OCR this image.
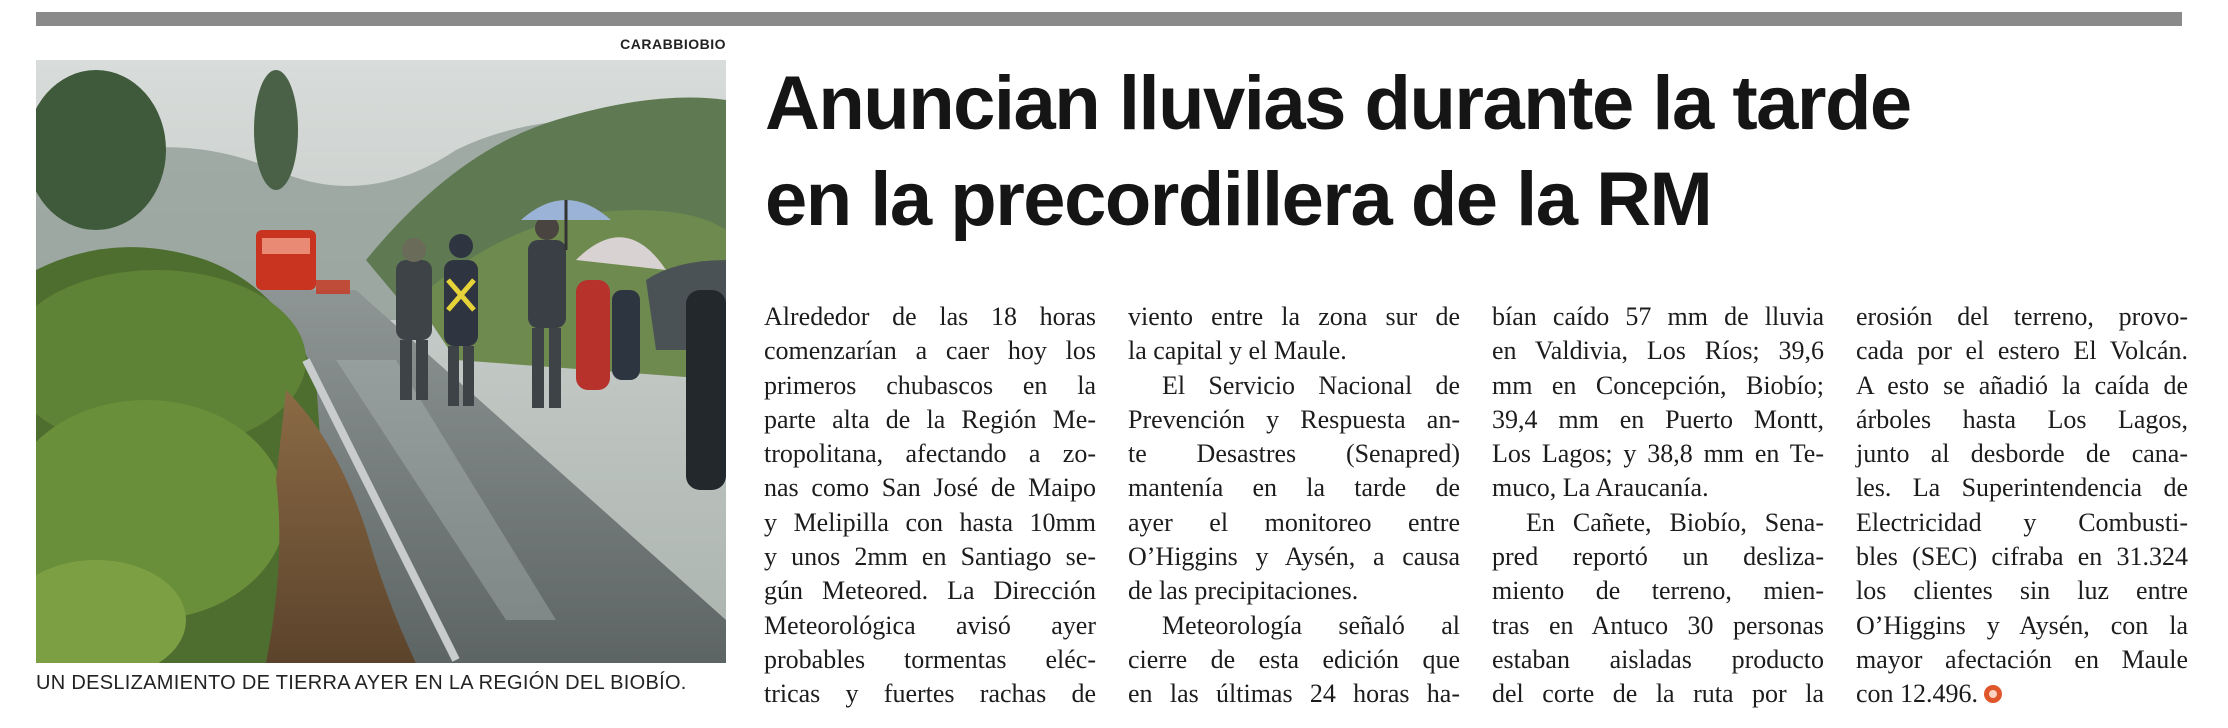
CARABBIOBIO
UN DESLIZAMIENTO DE TIERRA AYER EN LA REGIÓN DEL BIOBÍO.
Anuncian lluvias durante la tarde
en la precordillera de la RM

Alrededor de las 18 horas

comenzarían a caer hoy los

primeros chubascos en la

parte alta de la Región Me-

tropolitana, afectando a zo-

nas como San José de Maipo

y Melipilla con hasta 10mm

y unos 2mm en Santiago se-

gún Meteored. La Dirección

Meteorológica avisó ayer

probables tormentas eléc-

tricas y fuertes rachas de

viento entre la zona sur de

la capital y el Maule.

El Servicio Nacional de

Prevención y Respuesta an-

te Desastres (Senapred)

mantenía en la tarde de

ayer el monitoreo entre

O’Higgins y Aysén, a causa

de las precipitaciones.

Meteorología señaló al

cierre de esta edición que

en las últimas 24 horas ha-

bían caído 57 mm de lluvia

en Valdivia, Los Ríos; 39,6

mm en Concepción, Biobío;

39,4 mm en Puerto Montt,

Los Lagos; y 38,8 mm en Te-

muco, La Araucanía.

En Cañete, Biobío, Sena-

pred reportó un desliza-

miento de terreno, mien-

tras en Antuco 30 personas

estaban aisladas producto

del corte de la ruta por la

erosión del terreno, provo-

cada por el estero El Volcán.

A esto se añadió la caída de

árboles hasta Los Lagos,

junto al desborde de cana-

les. La Superintendencia de

Electricidad y Combusti-

bles (SEC) cifraba en 31.324

los clientes sin luz entre

O’Higgins y Aysén, con la

mayor afectación en Maule

con 12.496.
